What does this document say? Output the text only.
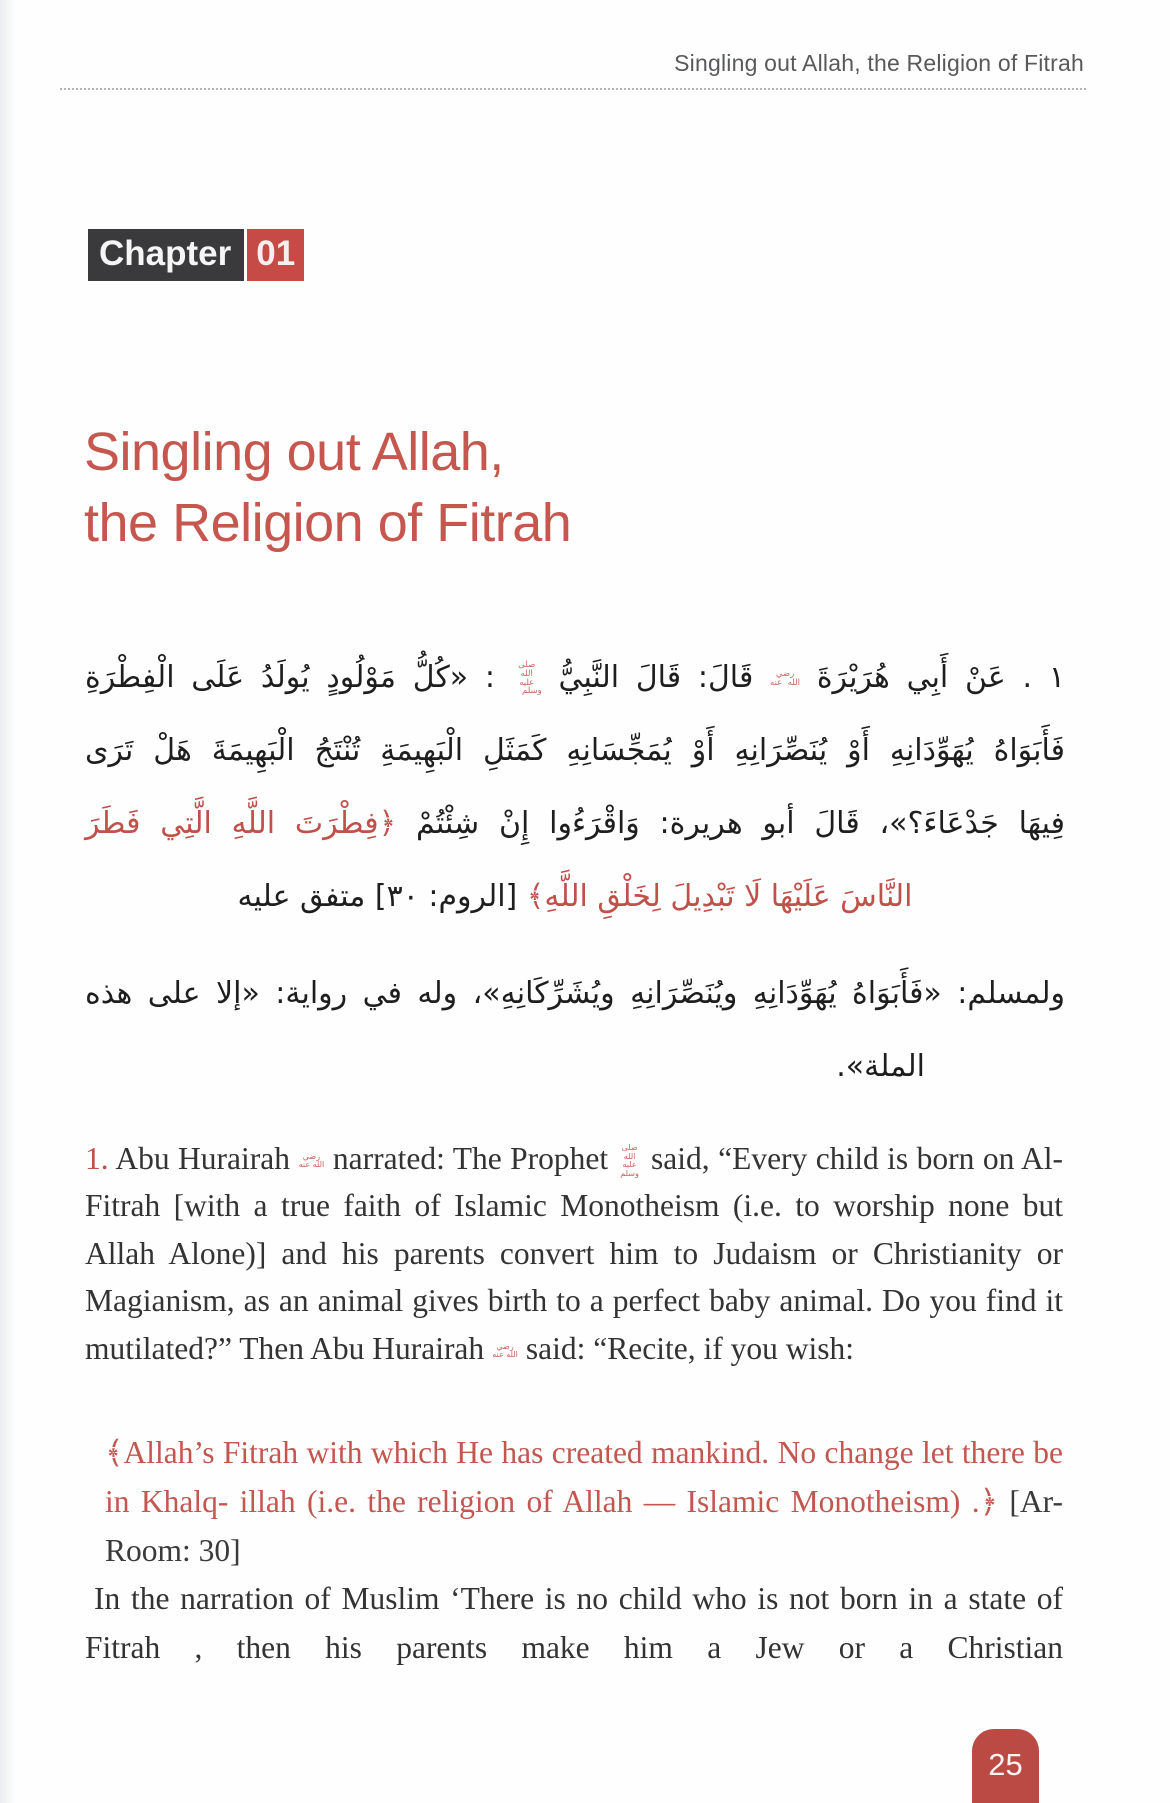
Singling out Allah, the Religion of Fitrah
Chapter 01
Singling out Allah,
the Religion of Fitrah
١ . عَنْ أَبِي هُرَيْرَةَ رضي الله عنه قَالَ: قَالَ النَّبِيُّ صلى الله عليه وسلم : «كُلُّ مَوْلُودٍ يُولَدُ عَلَى الْفِطْرَةِ
فَأَبَوَاهُ يُهَوِّدَانِهِ أَوْ يُنَصِّرَانِهِ أَوْ يُمَجِّسَانِهِ كَمَثَلِ الْبَهِيمَةِ تُنْتَجُ الْبَهِيمَةَ هَلْ تَرَى
فِيهَا جَدْعَاءَ؟»، قَالَ أبو هريرة: وَاقْرَءُوا إِنْ شِئْتُمْ ﴿فِطْرَتَ اللَّهِ الَّتِي فَطَرَ
النَّاسَ عَلَيْهَا لَا تَبْدِيلَ لِخَلْقِ اللَّهِ﴾ [الروم: ٣٠] متفق عليه
ولمسلم: «فَأَبَوَاهُ يُهَوِّدَانِهِ ويُنَصِّرَانِهِ ويُشَرِّكَانِهِ»، وله في رواية: «إلا على هذه
الملة».

1. Abu Hurairah رضي الله عنه narrated: The Prophet صلى الله عليه وسلم said, “Every child is born on Al-Fitrah [with a true faith of Islamic Monotheism (i.e. to worship none but Allah Alone)] and his parents convert him to Judaism or Christianity or Magianism, as an animal gives birth to a perfect baby animal. Do you find it mutilated?” Then Abu Hurairah رضي الله عنه said: “Recite, if you wish:

﴾Allah’s Fitrah with which He has created mankind. No change let there be in Khalq- illah (i.e. the religion of Allah — Islamic Monotheism) .﴿ [Ar-Room: 30]

In the narration of Muslim ‘There is no child who is not born in a state of Fitrah , then his parents make him a Jew or a Christian

25
